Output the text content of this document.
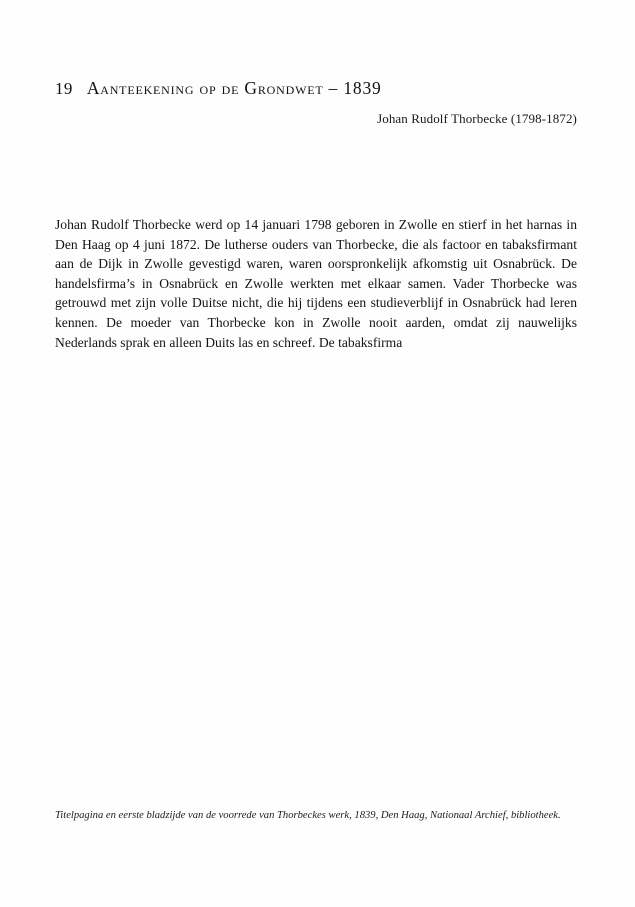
19 Aanteekening op de Grondwet – 1839
Johan Rudolf Thorbecke (1798-1872)

Johan Rudolf Thorbecke werd op 14 januari 1798 geboren in Zwolle en stierf in het harnas in Den Haag op 4 juni 1872. De lutherse ouders van Thorbecke, die als factoor en tabaksfirmant aan de Dijk in Zwolle gevestigd waren, waren oorspronkelijk afkomstig uit Osnabrück. De handelsfirma’s in Osnabrück en Zwolle werkten met elkaar samen. Vader Thorbecke was getrouwd met zijn volle Duitse nicht, die hij tijdens een studieverblijf in Osnabrück had leren kennen. De moeder van Thorbecke kon in Zwolle nooit aarden, omdat zij nauwelijks Nederlands sprak en alleen Duits las en schreef. De tabaksfirma

Titelpagina en eerste bladzijde van de voorrede van Thorbeckes werk, 1839, Den Haag, Nationaal Archief, bibliotheek.
